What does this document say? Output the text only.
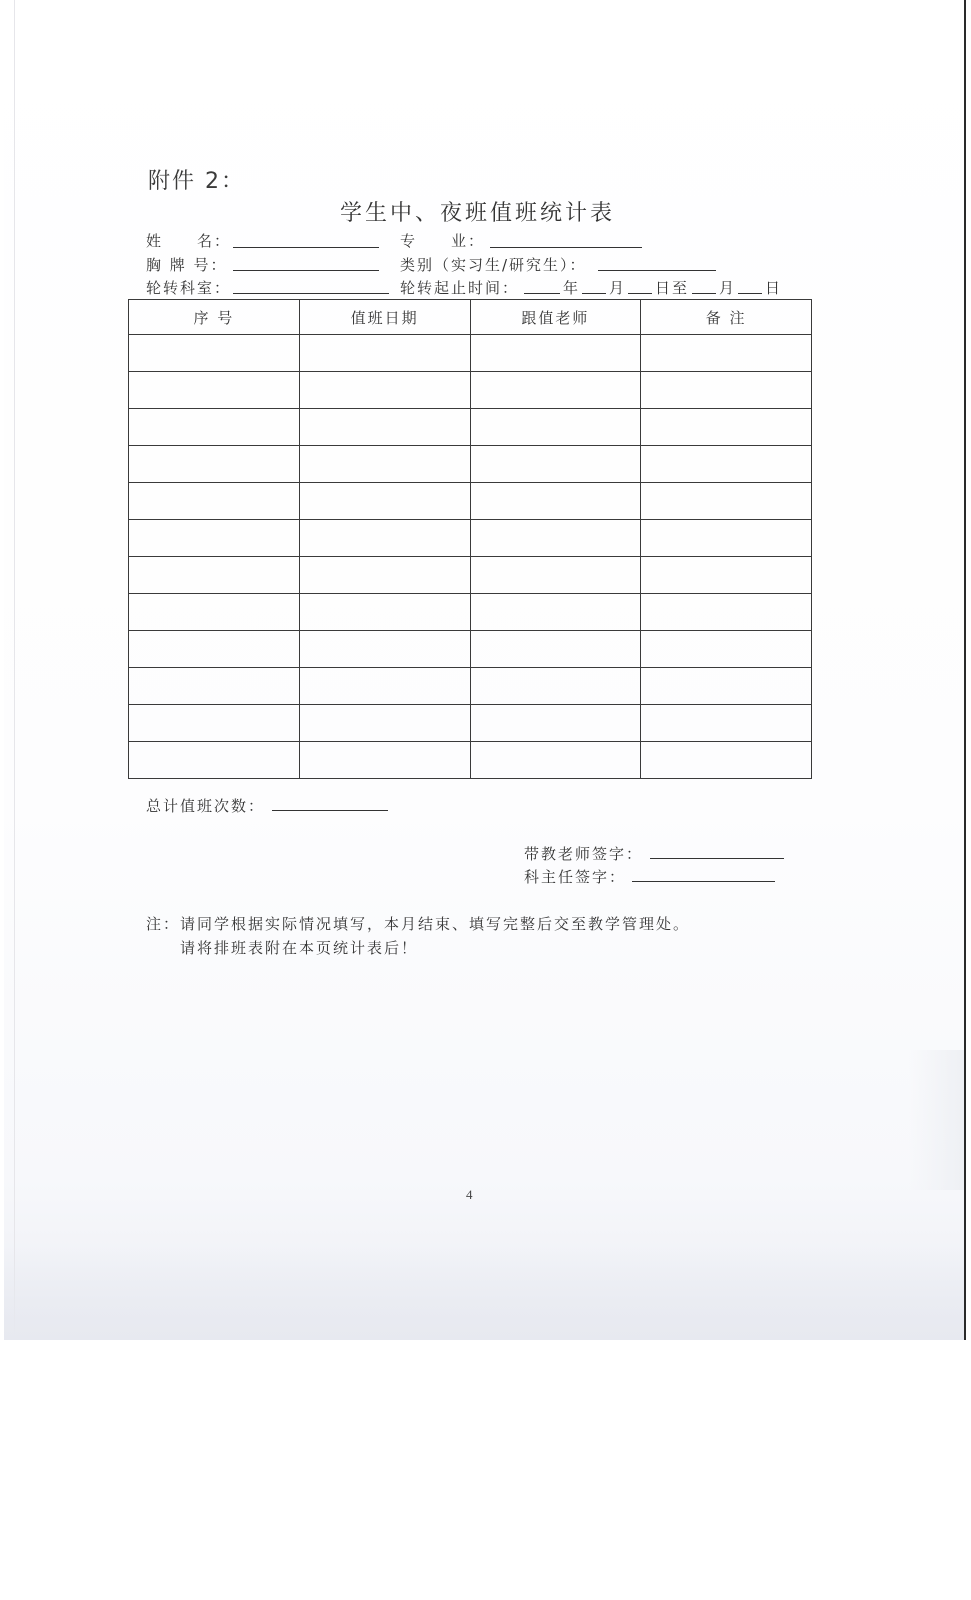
附件 2：
学生中、夜班值班统计表
姓　　名：	专　　业：
胸 牌 号：	类别（实习生/研究生）：
轮转科室：	轮转起止时间：	年 月 日至 月 日
序 号	值班日期	跟值老师	备 注

总计值班次数：
带教老师签字：
科主任签字：
注：请同学根据实际情况填写，本月结束、填写完整后交至教学管理处。
请将排班表附在本页统计表后！
4
